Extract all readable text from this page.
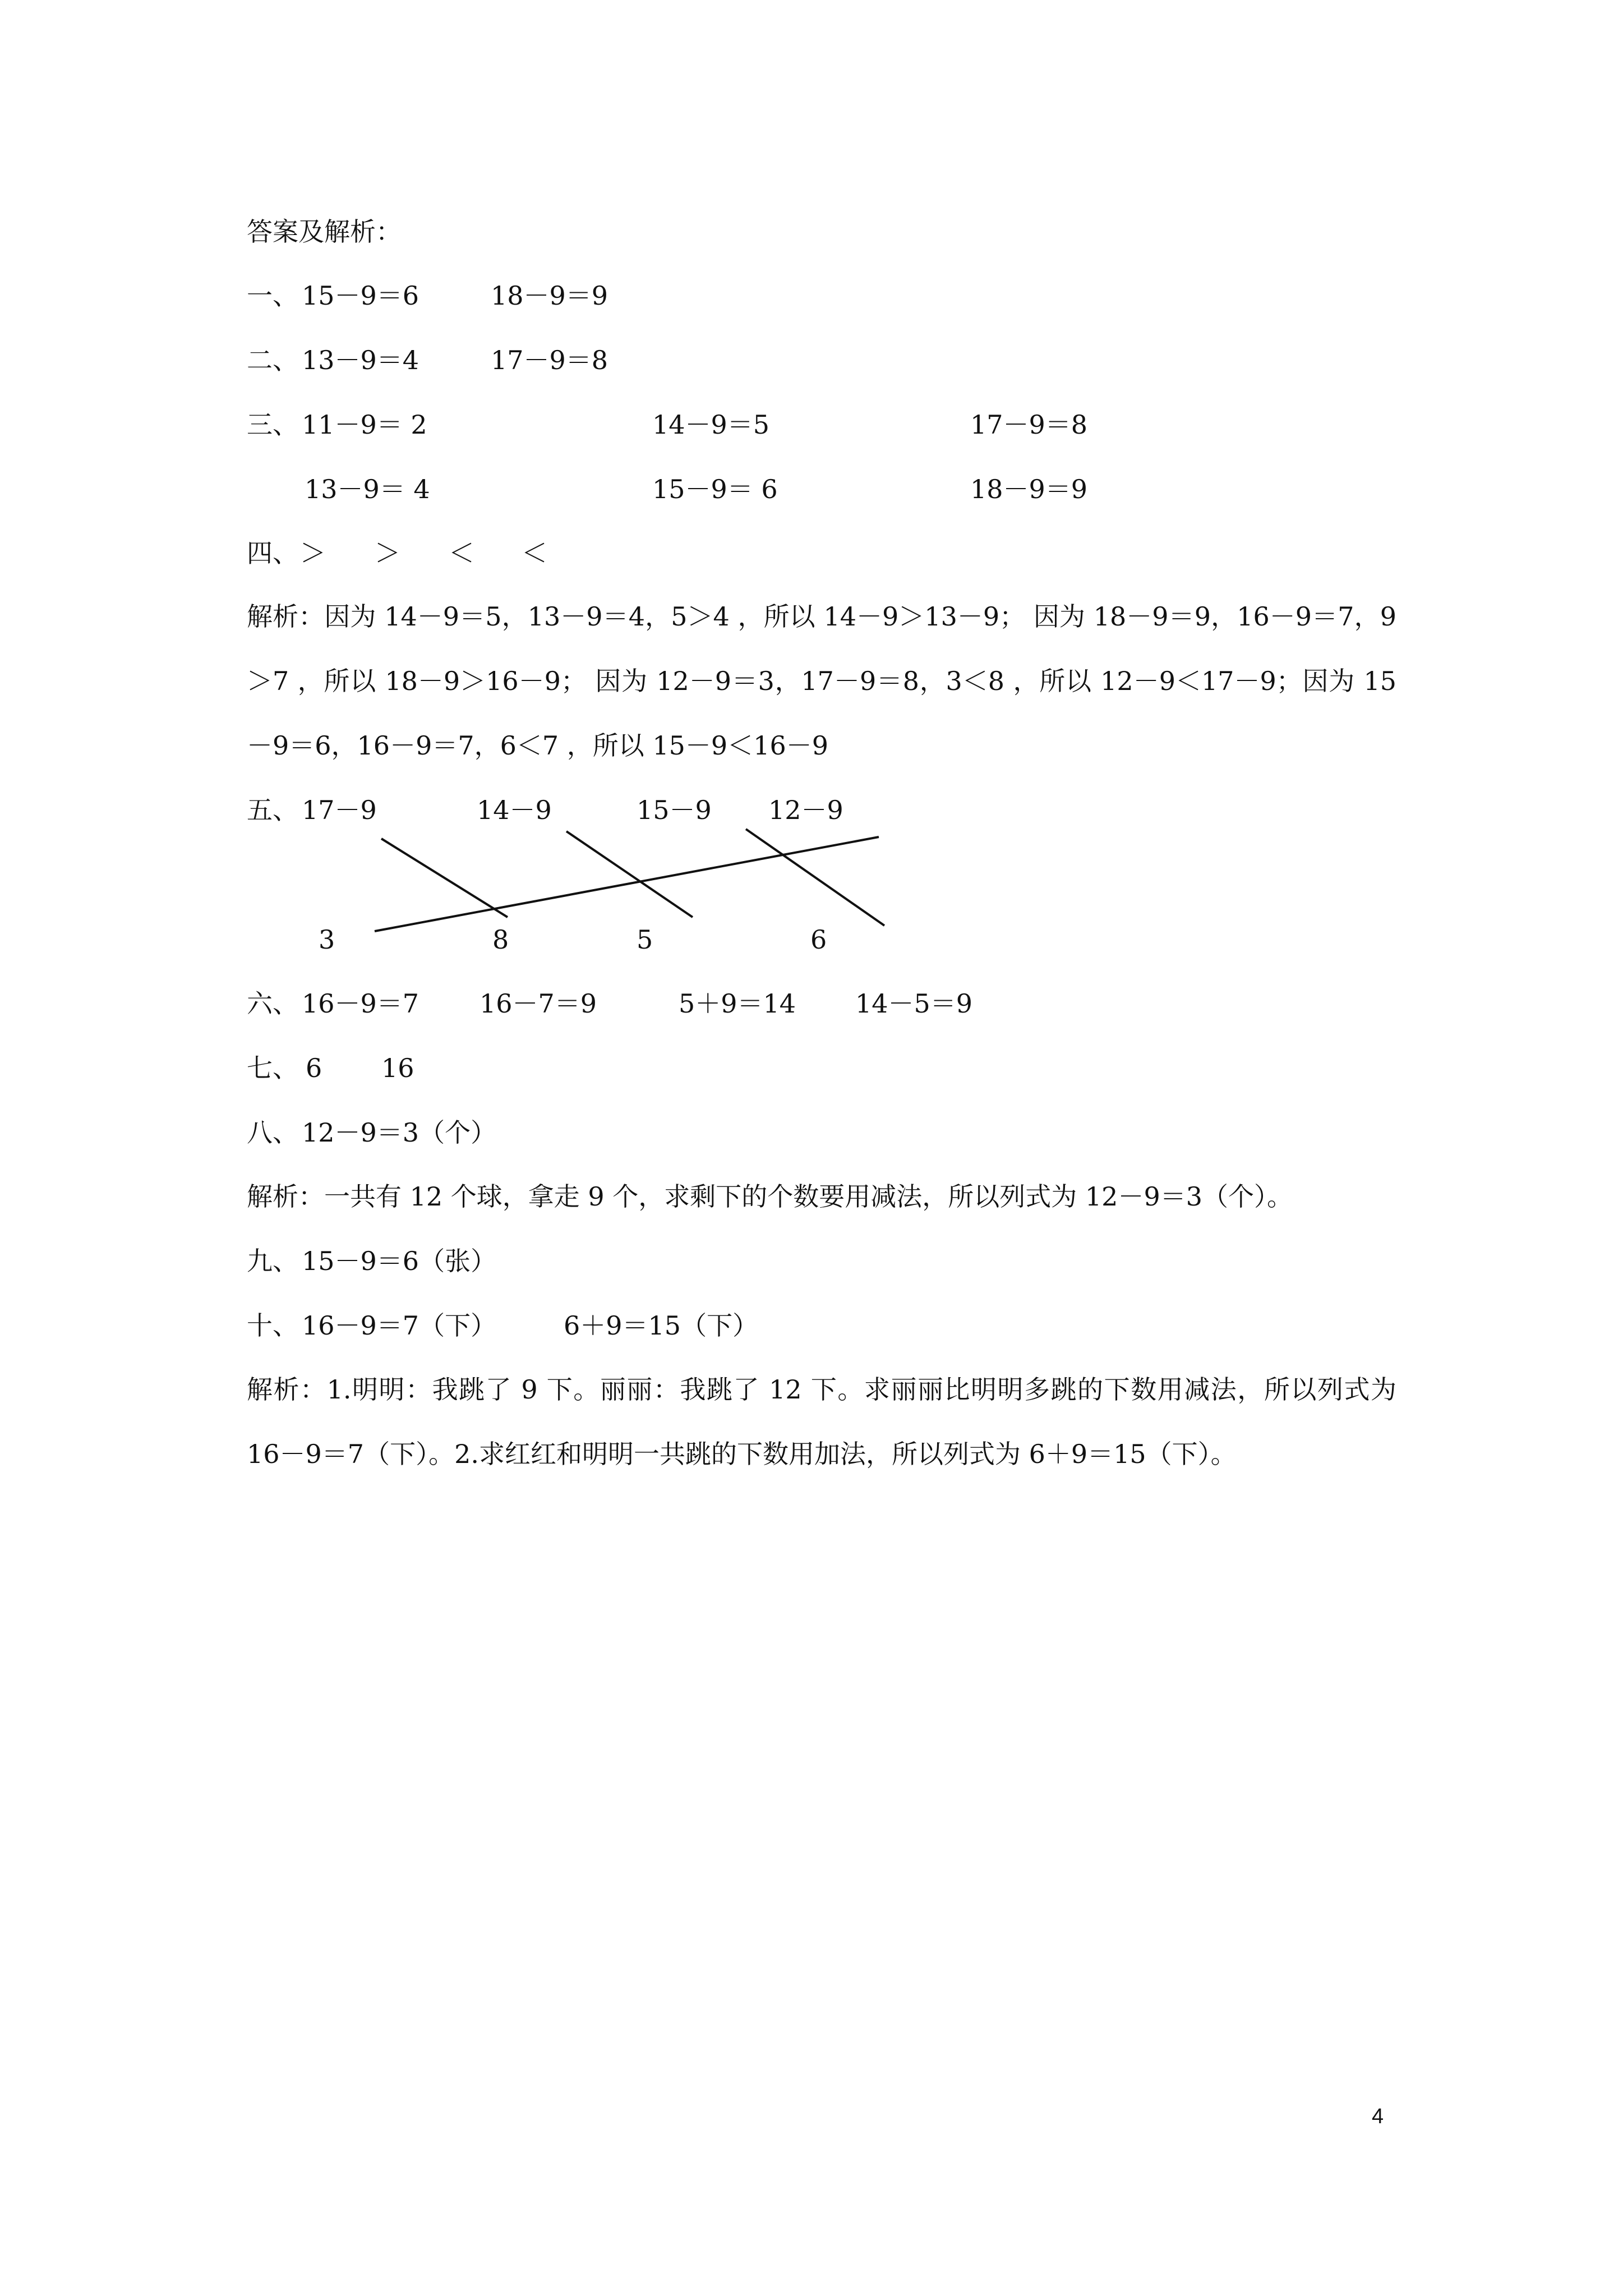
答案及解析：
一、 15－9＝6	18－9＝9
二、 13－9＝4	17－9＝8
三、 11－9＝ 2	14－9＝5	17－9＝8
13－9＝ 4	15－9＝ 6	18－9＝9
四、 ＞ ＞ ＜ ＜
解析：因为 14－9＝5，13－9＝4，5＞4 ，所以 14－9＞13－9； 因为 18－9＝9，16－9＝7，9＞7 ，所以 18－9＞16－9； 因为 12－9＝3，17－9＝8，3＜8 ，所以 12－9＜17－9；因为 15－9＝6，16－9＝7，6＜7 ，所以 15－9＜16－9
五、 17－9	14－9	15－9 12－9
3	8	5	6
六、 16－9＝7 16－7＝9	5＋9＝14 14－5＝9
七、 6 16
八、 12－9＝3（个）
解析：一共有 12 个球，拿走 9 个，求剩下的个数要用减法，所以列式为 12－9＝3（个）。
九、 15－9＝6（张）
十、 16－9＝7（下）	6＋9＝15（下）
解析：1.明明：我跳了 9 下。丽丽：我跳了 12 下。求丽丽比明明多跳的下数用减法，所以列式为 16－9＝7（下）。2.求红红和明明一共跳的下数用加法，所以列式为 6＋9＝15（下）。
4
